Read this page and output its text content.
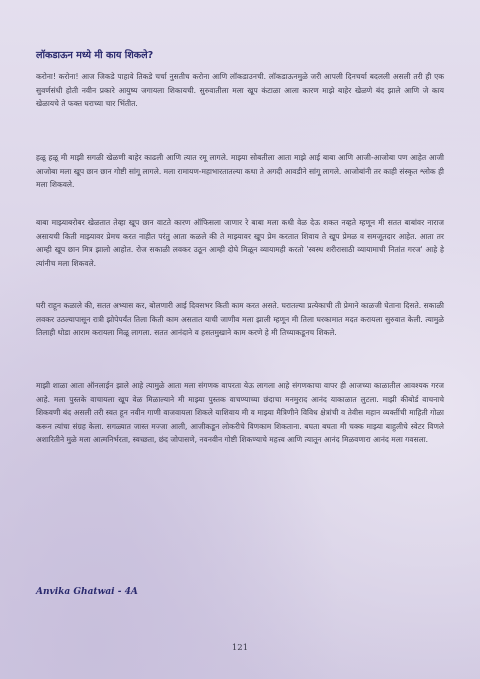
लॉकडाऊन मध्ये मी काय शिकले?

करोना! करोना! आज जिकडे पाहावे तिकडे चर्चा नुसतीच करोना आणि लॉकडाउनची. लॉकडाऊनमुळे जरी आपली दिनचर्या बदलली असली तरी ही एक सुवर्णसंधी होती नवीन प्रकारे आयुष्य जगायला शिकायची. सुरुवातीला मला खूप कंटाळा आला कारण माझे बाहेर खेळणे बंद झाले आणि जे काय खेळायचे ते फक्त घराच्या चार भिंतीत.

हळू हळू मी माझी सगळी खेळणी बाहेर काढली आणि त्यात रमू लागले. माझ्या सोबतीला आता माझे आई बाबा आणि आजी-आजोबा पण आहेत आजी आजोबा मला खूप छान छान गोष्टी सांगू लागले. मला रामायण-महाभारतातल्या कथा ते अगदी आवडीने सांगू लागले. आजोबांनी तर काही संस्कृत श्लोक ही मला शिकवले.

बाबा माझ्याबरोबर खेळतात तेव्हा खूप छान वाटते कारण ऑफिसला जाणार रे बाबा मला कधी वेळ देऊ शकत नव्हते म्हणून मी सतत बाबांवर नाराज असायची किती माझ्यावर प्रेमच करत नाहीत परंतु आता कळले की ते माझ्यावर खूप प्रेम करतात शिवाय ते खूप प्रेमळ व समजूतदार आहेत. आता तर आम्ही खूप छान मित्र झालो आहोत. रोज सकाळी लवकर उठून आम्ही दोघे मिळून व्यायामही करतो 'स्वस्थ शरीरासाठी व्यायामाची नितांत गरज' आहे हे त्यांनीच मला शिकवले.

घरी राहून कळाले की, सतत अभ्यास कर, बोलणारी आई दिवसभर किती काम करत असते. घरातल्या प्रत्येकाची ती प्रेमाने काळजी घेताना दिसते. सकाळी लवकर उठल्यापासून रात्री झोपेपर्यंत तिला किती काम असतात याची जाणीव मला झाली म्हणून मी तिला घरकामात मदत करायला सुरुवात केली. त्यामुळे तिलाही थोडा आराम करायला मिळू लागला. सतत आनंदाने व हसतमुखाने काम करणे हे मी तिच्याकडूनच शिकले.

माझी शाळा आता ऑनलाईन झाले आहे त्यामुळे आता मला संगणक वापरता येऊ लागला आहे संगणकाचा वापर ही आजच्या काळातील आवश्यक गरज आहे. मला पुस्तके वाचायला खूप वेळ मिळाल्याने मी माझ्या पुस्तक वाचण्याच्या छंदाचा मनमुराद आनंद याकाळात लुटला. माझी कीबोर्ड वाचनाचे शिकवणी बंद असली तरी स्वत हून नवीन गाणी वाजवायला शिकले याशिवाय मी व माझ्या मैत्रिणीने विविध क्षेत्रांची व तेवीस महान व्यक्तींची माहिती गोळा करून त्यांचा संग्रह केला. सगळ्यात जास्त मज्जा आली, आजीकडून लोकरीचे विणकाम शिकताना. बघता बघता मी चक्क माझ्या बाहुलीचे स्वेटर विणले अशारितीने मुळे मला आत्मनिर्भरता, स्वच्छता, छंद जोपासणे, नवनवीन गोष्टी शिकण्याचे महत्त्व आणि त्यातून आनंद मिळवणारा आनंद मला गवसला.

Anvika Ghatwai - 4A
121
